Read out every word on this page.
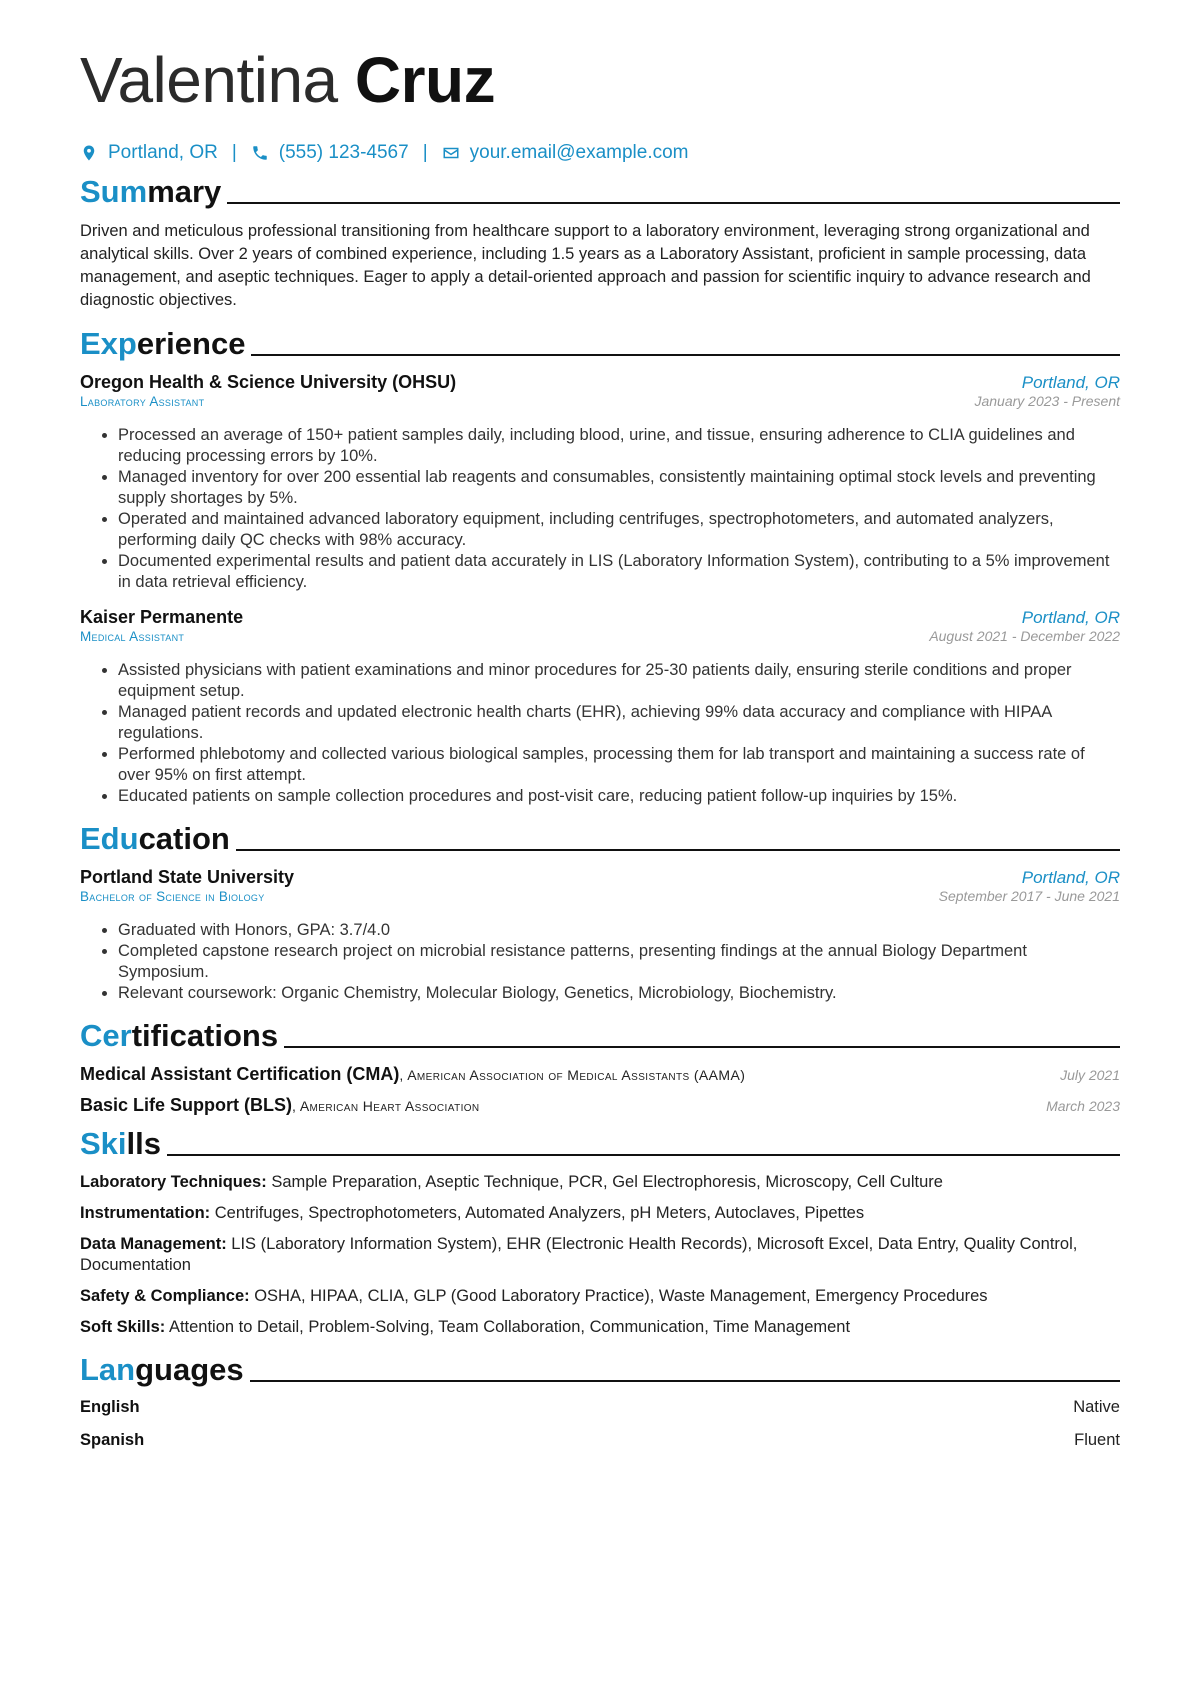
Valentina Cruz
Portland, OR | (555) 123-4567 | your.email@example.com
Summary

Driven and meticulous professional transitioning from healthcare support to a laboratory environment, leveraging strong organizational and analytical skills. Over 2 years of combined experience, including 1.5 years as a Laboratory Assistant, proficient in sample processing, data management, and aseptic techniques. Eager to apply a detail-oriented approach and passion for scientific inquiry to advance research and diagnostic objectives.

Experience
Oregon Health & Science University (OHSU)	Portland, OR
Laboratory Assistant	January 2023 - Present
• Processed an average of 150+ patient samples daily, including blood, urine, and tissue, ensuring adherence to CLIA guidelines and reducing processing errors by 10%.
• Managed inventory for over 200 essential lab reagents and consumables, consistently maintaining optimal stock levels and preventing supply shortages by 5%.
• Operated and maintained advanced laboratory equipment, including centrifuges, spectrophotometers, and automated analyzers, performing daily QC checks with 98% accuracy.
• Documented experimental results and patient data accurately in LIS (Laboratory Information System), contributing to a 5% improvement in data retrieval efficiency.
Kaiser Permanente	Portland, OR
Medical Assistant	August 2021 - December 2022
• Assisted physicians with patient examinations and minor procedures for 25-30 patients daily, ensuring sterile conditions and proper equipment setup.
• Managed patient records and updated electronic health charts (EHR), achieving 99% data accuracy and compliance with HIPAA regulations.
• Performed phlebotomy and collected various biological samples, processing them for lab transport and maintaining a success rate of over 95% on first attempt.
• Educated patients on sample collection procedures and post-visit care, reducing patient follow-up inquiries by 15%.
Education
Portland State University	Portland, OR
Bachelor of Science in Biology	September 2017 - June 2021
• Graduated with Honors, GPA: 3.7/4.0
• Completed capstone research project on microbial resistance patterns, presenting findings at the annual Biology Department Symposium.
• Relevant coursework: Organic Chemistry, Molecular Biology, Genetics, Microbiology, Biochemistry.
Certifications
Medical Assistant Certification (CMA), American Association of Medical Assistants (AAMA)	July 2021
Basic Life Support (BLS), American Heart Association	March 2023
Skills
Laboratory Techniques: Sample Preparation, Aseptic Technique, PCR, Gel Electrophoresis, Microscopy, Cell Culture
Instrumentation: Centrifuges, Spectrophotometers, Automated Analyzers, pH Meters, Autoclaves, Pipettes
Data Management: LIS (Laboratory Information System), EHR (Electronic Health Records), Microsoft Excel, Data Entry, Quality Control, Documentation
Safety & Compliance: OSHA, HIPAA, CLIA, GLP (Good Laboratory Practice), Waste Management, Emergency Procedures
Soft Skills: Attention to Detail, Problem-Solving, Team Collaboration, Communication, Time Management
Languages
English	Native
Spanish	Fluent
